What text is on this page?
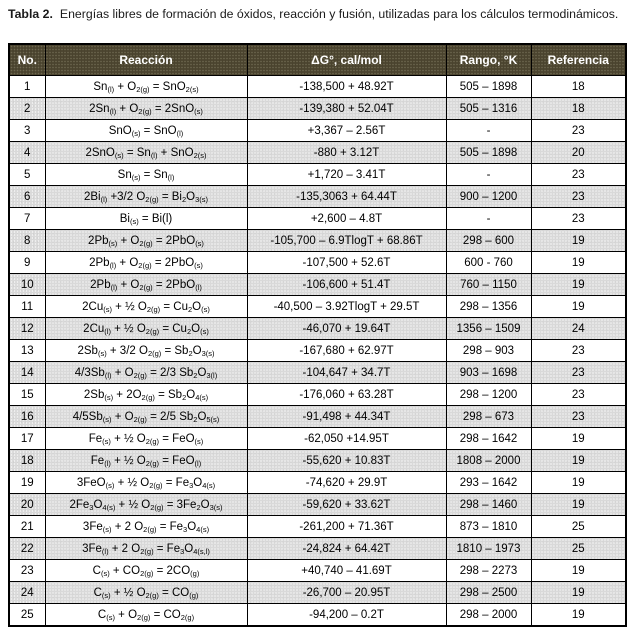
Tabla 2. Energías libres de formación de óxidos, reacción y fusión, utilizadas para los cálculos termodinámicos.
No.	Reacción	ΔG°, cal/mol	Rango, °K	Referencia
1	$Sn_{(l)} + O_{2(g)} = SnO_{2(s)}$	-138,500 + 48.92T	505 – 1898	18
2	$2Sn_{(l)} + O_{2(g)} = 2SnO_{(s)}$	-139,380 + 52.04T	505 – 1316	18
3	SnO$_{(s)}$ = SnO$_{(l)}$	+3,367 – 2.56T	-	23
4	$2SnO_{(s)} = Sn_{(l)} + SnO_{2(s)}$	-880 + 3.12T	505 – 1898	20
5	$Sn_{(s)} = Sn_{(l)}$	+1,720 – 3.41T	-	23
6	$2Bi_{(l)} +3/2$ $O_{2(g)} = Bi_2O_{3(s)}$	-135,3063 + 64.44T	900 – 1200	23
7	$Bi_{(s)} = Bi(l)$	+2,600 – 4.8T	-	23
8	$2Pb_{(s)} + O_{2(g)} = 2PbO_{(s)}$	-105,700 – 6.9TlogT + 68.86T	298 – 600	19
9	$2Pb_{(l)} + O_{2(g)} = 2PbO_{(s)}$	-107,500 + 52.6T	600 - 760	19
10	$2Pb_{(l)} + O_{2(g)} = 2PbO_{(l)}$	-106,600 + 51.4T	760 – 1150	19
11	$2Cu_{(s)}$ + ½ $O_{2(g)} = Cu_2O_{(s)}$	-40,500 – 3.92TlogT + 29.5T	298 – 1356	19
12	$2Cu_{(l)}$ + ½ $O_{2(g)} = Cu_2O_{(s)}$	-46,070 + 19.64T	1356 – 1509	24
13	$2Sb_{(s)} + 3/2$ $O_{2(g)} = Sb_2O_{3(s)}$	-167,680 + 62.97T	298 – 903	23
14	$4/3Sb_{(l)} + O_{2(g)} = 2/3$ $Sb_2O_{3(l)}$	-104,647 + 34.7T	903 – 1698	23
15	$2Sb_{(s)} + 2O_{2(g)} = Sb_2O_{4(s)}$	-176,060 + 63.28T	298 – 1200	23
16	$4/5Sb_{(s)} + O_{2(g)} = 2/5$ $Sb_2O_{5(s)}$	-91,498 + 44.34T	298 – 673	23
17	$Fe_{(s)}$ + ½ $O_{2(g)} = FeO_{(s)}$	-62,050 +14.95T	298 – 1642	19
18	$Fe_{(l)}$ + ½ $O_{2(g)} = FeO_{(l)}$	-55,620 + 10.83T	1808 – 2000	19
19	3FeO$_{(s)}$ + ½ $O_{2(g)} = Fe_3O_{4(s)}$	-74,620 + 29.9T	293 – 1642	19
20	$2Fe_3O_{4(s)}$ + ½ $O_{2(g)} = 3Fe_2O_{3(s)}$	-59,620 + 33.62T	298 – 1460	19
21	$3Fe_{(s)} + 2$ $O_{2(g)} = Fe_3O_{4(s)}$	-261,200 + 71.36T	873 – 1810	25
22	$3Fe_{(l)} + 2$ $O_{2(g)} = Fe_3O_{4(s,l)}$	-24,824 + 64.42T	1810 – 1973	25
23	$C_{(s)} + CO_{2(g)} = 2CO_{(g)}$	+40,740 – 41.69T	298 – 2273	19
24	$C_{(s)}$ + ½ $O_{2(g)} = CO_{(g)}$	-26,700 – 20.95T	298 – 2500	19
25	$C_{(s)} + O_{2(g)} = CO_{2(g)}$	-94,200 – 0.2T	298 – 2000	19
